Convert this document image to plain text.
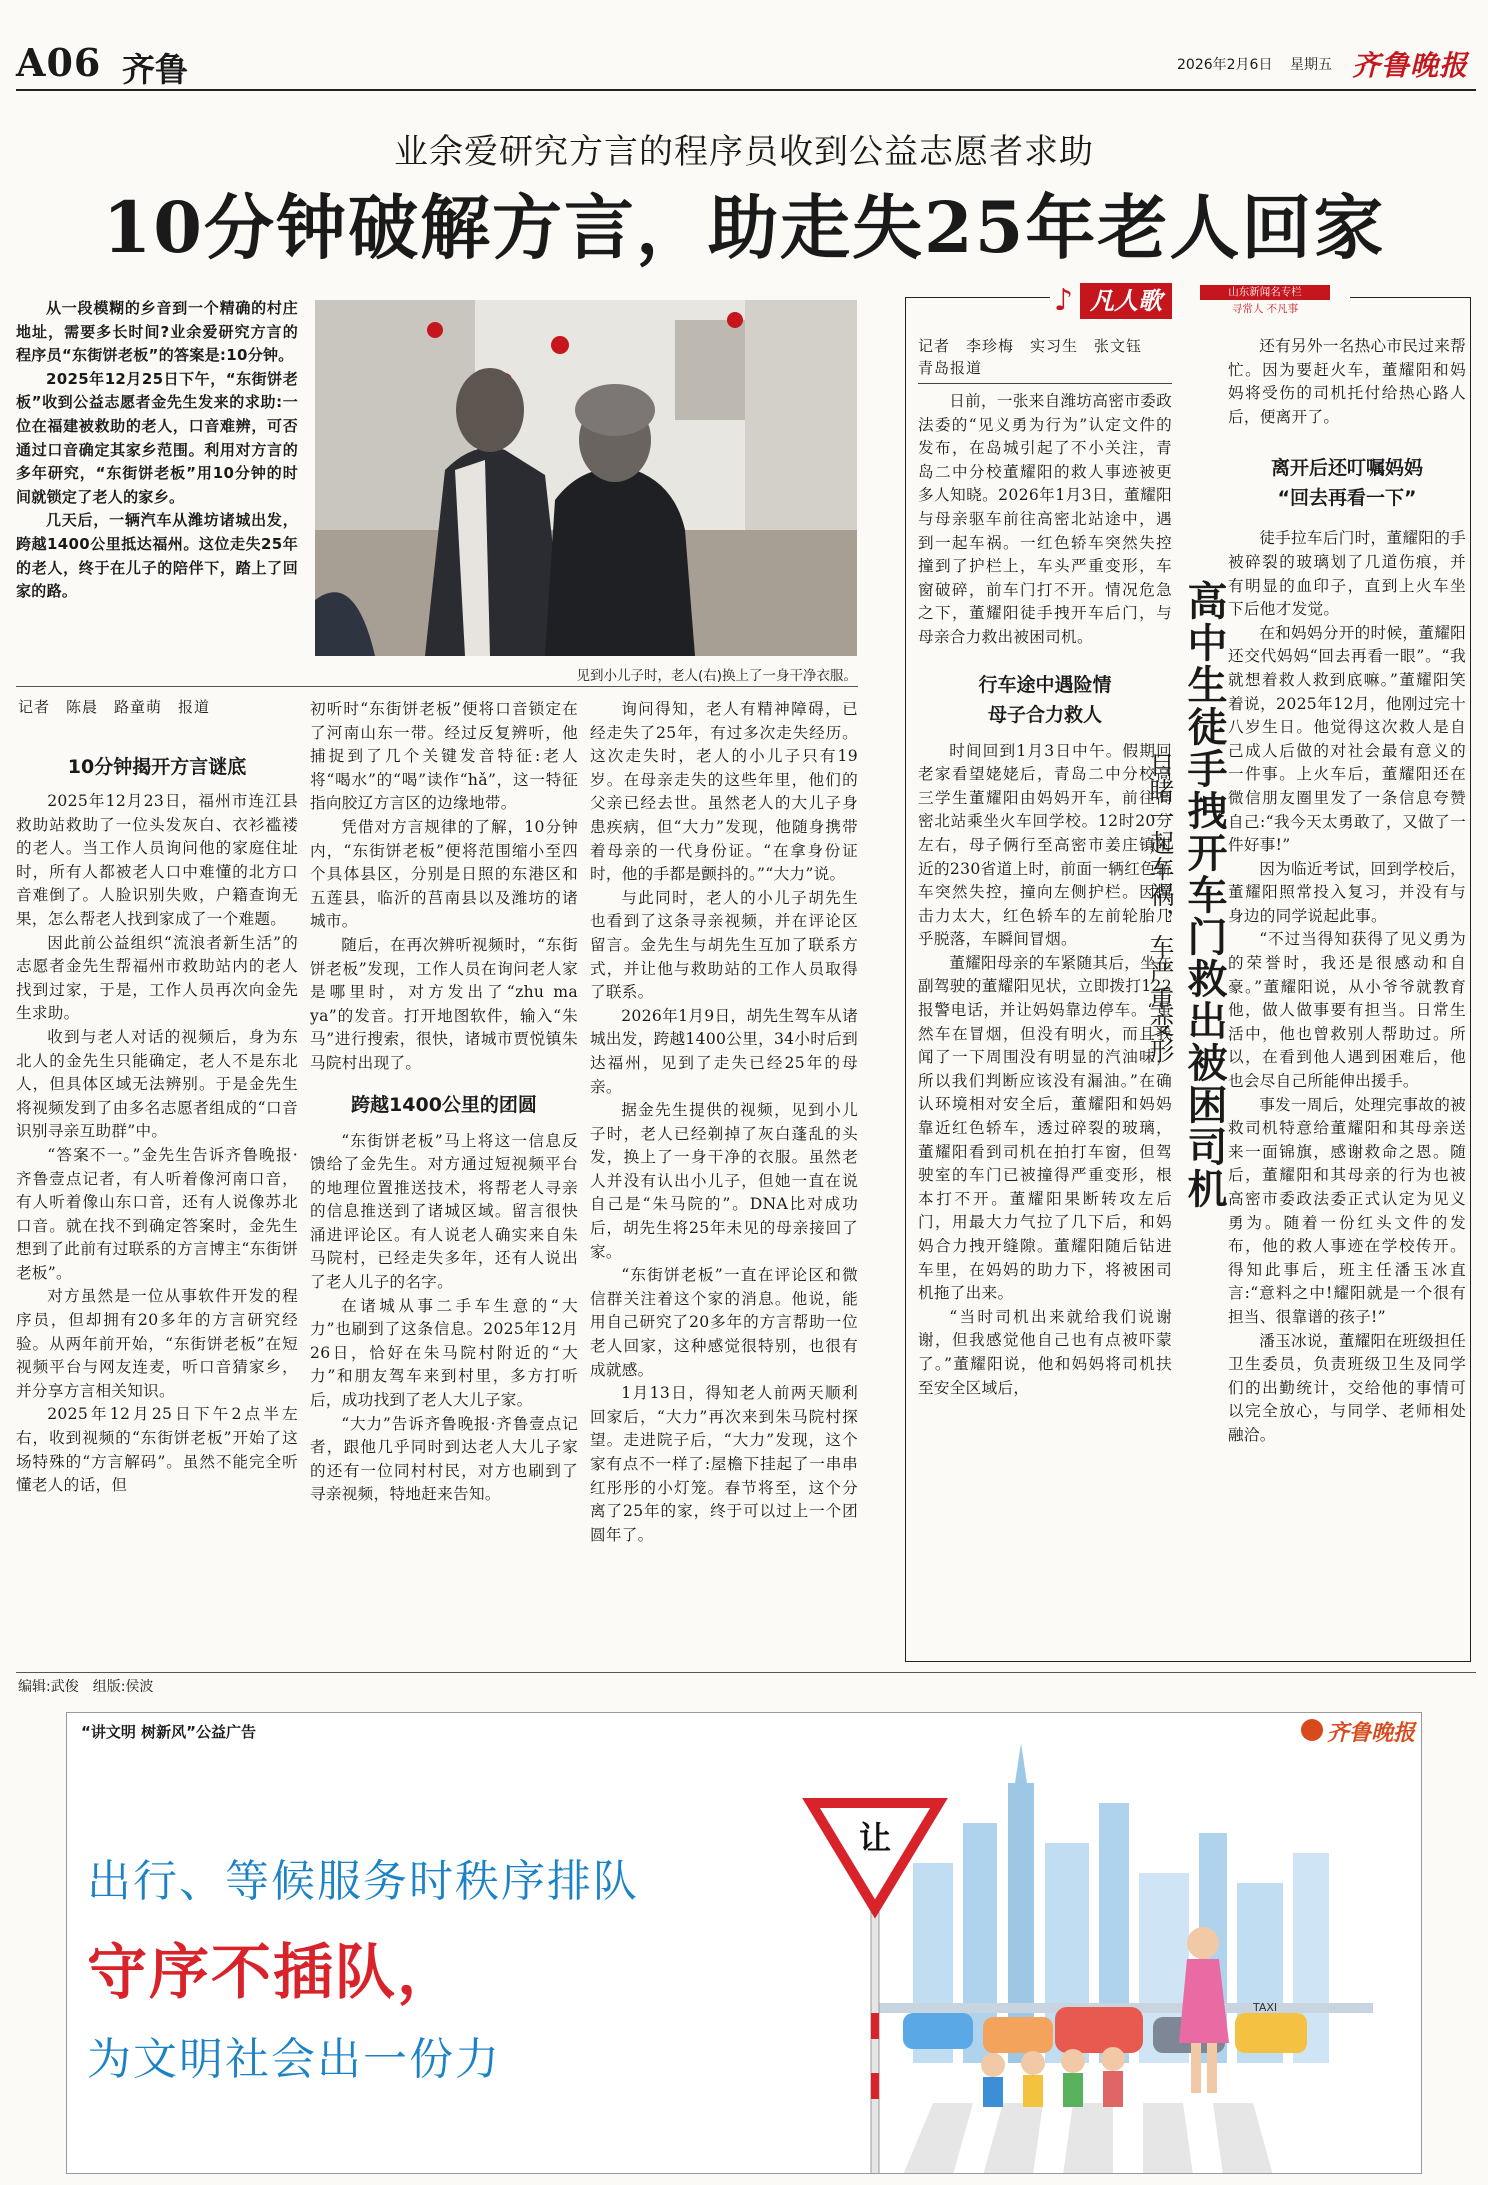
A06 齐鲁	2026年2月6日 星期五 齐鲁晚报
业余爱研究方言的程序员收到公益志愿者求助
10分钟破解方言，助走失25年老人回家

从一段模糊的乡音到一个精确的村庄地址，需要多长时间?业余爱研究方言的程序员“东街饼老板”的答案是:10分钟。

2025年12月25日下午，“东街饼老板”收到公益志愿者金先生发来的求助:一位在福建被救助的老人，口音难辨，可否通过口音确定其家乡范围。利用对方言的多年研究，“东街饼老板”用10分钟的时间就锁定了老人的家乡。

几天后，一辆汽车从潍坊诸城出发，跨越1400公里抵达福州。这位走失25年的老人，终于在儿子的陪伴下，踏上了回家的路。

见到小儿子时，老人(右)换上了一身干净衣服。
记者　陈晨　路童萌　报道
10分钟揭开方言谜底

2025年12月23日，福州市连江县救助站救助了一位头发灰白、衣衫褴褛的老人。当工作人员询问他的家庭住址时，所有人都被老人口中难懂的北方口音难倒了。人脸识别失败，户籍查询无果，怎么帮老人找到家成了一个难题。

因此前公益组织“流浪者新生活”的志愿者金先生帮福州市救助站内的老人找到过家，于是，工作人员再次向金先生求助。

收到与老人对话的视频后，身为东北人的金先生只能确定，老人不是东北人，但具体区域无法辨别。于是金先生将视频发到了由多名志愿者组成的“口音识别寻亲互助群”中。

“答案不一。”金先生告诉齐鲁晚报·齐鲁壹点记者，有人听着像河南口音，有人听着像山东口音，还有人说像苏北口音。就在找不到确定答案时，金先生想到了此前有过联系的方言博主“东街饼老板”。

对方虽然是一位从事软件开发的程序员，但却拥有20多年的方言研究经验。从两年前开始，“东街饼老板”在短视频平台与网友连麦，听口音猜家乡，并分享方言相关知识。

2025年12月25日下午2点半左右，收到视频的“东街饼老板”开始了这场特殊的“方言解码”。虽然不能完全听懂老人的话，但

初听时“东街饼老板”便将口音锁定在了河南山东一带。经过反复辨听，他捕捉到了几个关键发音特征:老人将“喝水”的“喝”读作“hǎ”，这一特征指向胶辽方言区的边缘地带。

凭借对方言规律的了解，10分钟内，“东街饼老板”便将范围缩小至四个具体县区，分别是日照的东港区和五莲县，临沂的莒南县以及潍坊的诸城市。

随后，在再次辨听视频时，“东街饼老板”发现，工作人员在询问老人家是哪里时，对方发出了“zhu ma ya”的发音。打开地图软件，输入“朱马”进行搜索，很快，诸城市贾悦镇朱马院村出现了。

跨越1400公里的团圆

“东街饼老板”马上将这一信息反馈给了金先生。对方通过短视频平台的地理位置推送技术，将帮老人寻亲的信息推送到了诸城区域。留言很快涌进评论区。有人说老人确实来自朱马院村，已经走失多年，还有人说出了老人儿子的名字。

在诸城从事二手车生意的“大力”也刷到了这条信息。2025年12月26日，恰好在朱马院村附近的“大力”和朋友驾车来到村里，多方打听后，成功找到了老人大儿子家。

“大力”告诉齐鲁晚报·齐鲁壹点记者，跟他几乎同时到达老人大儿子家的还有一位同村村民，对方也刷到了寻亲视频，特地赶来告知。

询问得知，老人有精神障碍，已经走失了25年，有过多次走失经历。这次走失时，老人的小儿子只有19岁。在母亲走失的这些年里，他们的父亲已经去世。虽然老人的大儿子身患疾病，但“大力”发现，他随身携带着母亲的一代身份证。“在拿身份证时，他的手都是颤抖的。”“大力”说。

与此同时，老人的小儿子胡先生也看到了这条寻亲视频，并在评论区留言。金先生与胡先生互加了联系方式，并让他与救助站的工作人员取得了联系。

2026年1月9日，胡先生驾车从诸城出发，跨越1400公里，34小时后到达福州，见到了走失已经25年的母亲。

据金先生提供的视频，见到小儿子时，老人已经剃掉了灰白蓬乱的头发，换上了一身干净的衣服。虽然老人并没有认出小儿子，但她一直在说自己是“朱马院的”。DNA比对成功后，胡先生将25年未见的母亲接回了家。

“东街饼老板”一直在评论区和微信群关注着这个家的消息。他说，能用自己研究了20多年的方言帮助一位老人回家，这种感觉很特别，也很有成就感。

1月13日，得知老人前两天顺利回家后，“大力”再次来到朱马院村探望。走进院子后，“大力”发现，这个家有点不一样了:屋檐下挂起了一串串红彤彤的小灯笼。春节将至，这个分离了25年的家，终于可以过上一个团圆年了。

♪ 凡人歌	山东新闻名专栏
寻常人 不凡事
记者　李珍梅　实习生　张文钰
青岛报道

日前，一张来自潍坊高密市委政法委的“见义勇为行为”认定文件的发布，在岛城引起了不小关注，青岛二中分校董耀阳的救人事迹被更多人知晓。2026年1月3日，董耀阳与母亲驱车前往高密北站途中，遇到一起车祸。一红色轿车突然失控撞到了护栏上，车头严重变形，车窗破碎，前车门打不开。情况危急之下，董耀阳徒手拽开车后门，与母亲合力救出被困司机。

行车途中遇险情
母子合力救人

时间回到1月3日中午。假期回老家看望姥姥后，青岛二中分校高三学生董耀阳由妈妈开车，前往高密北站乘坐火车回学校。12时20分左右，母子俩行至高密市姜庄镇附近的230省道上时，前面一辆红色轿车突然失控，撞向左侧护栏。因撞击力太大，红色轿车的左前轮胎几乎脱落，车瞬间冒烟。

董耀阳母亲的车紧随其后，坐在副驾驶的董耀阳见状，立即拨打122报警电话，并让妈妈靠边停车。“虽然车在冒烟，但没有明火，而且我闻了一下周围没有明显的汽油味，所以我们判断应该没有漏油。”在确认环境相对安全后，董耀阳和妈妈靠近红色轿车，透过碎裂的玻璃，董耀阳看到司机在拍打车窗，但驾驶室的车门已被撞得严重变形，根本打不开。董耀阳果断转攻左后门，用最大力气拉了几下后，和妈妈合力拽开缝隙。董耀阳随后钻进车里，在妈妈的助力下，将被困司机拖了出来。

“当时司机出来就给我们说谢谢，但我感觉他自己也有点被吓蒙了。”董耀阳说，他和妈妈将司机扶至安全区域后，

高中生徒手拽开车门救出被困司机
目睹一起车祸，车严重变形

还有另外一名热心市民过来帮忙。因为要赶火车，董耀阳和妈妈将受伤的司机托付给热心路人后，便离开了。

离开后还叮嘱妈妈
“回去再看一下”

徒手拉车后门时，董耀阳的手被碎裂的玻璃划了几道伤痕，并有明显的血印子，直到上火车坐下后他才发觉。

在和妈妈分开的时候，董耀阳还交代妈妈“回去再看一眼”。“我就想着救人救到底嘛。”董耀阳笑着说，2025年12月，他刚过完十八岁生日。他觉得这次救人是自己成人后做的对社会最有意义的一件事。上火车后，董耀阳还在微信朋友圈里发了一条信息夸赞自己:“我今天太勇敢了，又做了一件好事!”

因为临近考试，回到学校后，董耀阳照常投入复习，并没有与身边的同学说起此事。

“不过当得知获得了见义勇为的荣誉时，我还是很感动和自豪。”董耀阳说，从小爷爷就教育他，做人做事要有担当。日常生活中，他也曾救别人帮助过。所以，在看到他人遇到困难后，他也会尽自己所能伸出援手。

事发一周后，处理完事故的被救司机特意给董耀阳和其母亲送来一面锦旗，感谢救命之恩。随后，董耀阳和其母亲的行为也被高密市委政法委正式认定为见义勇为。随着一份红头文件的发布，他的救人事迹在学校传开。得知此事后，班主任潘玉冰直言:“意料之中!耀阳就是一个很有担当、很靠谱的孩子!”

潘玉冰说，董耀阳在班级担任卫生委员，负责班级卫生及同学们的出勤统计，交给他的事情可以完全放心，与同学、老师相处融洽。

编辑:武俊　组版:侯波
“讲文明 树新风”公益广告	齐鲁晚报
出行、等候服务时秩序排队
守序不插队，
为文明社会出一份力
TAXI
让
